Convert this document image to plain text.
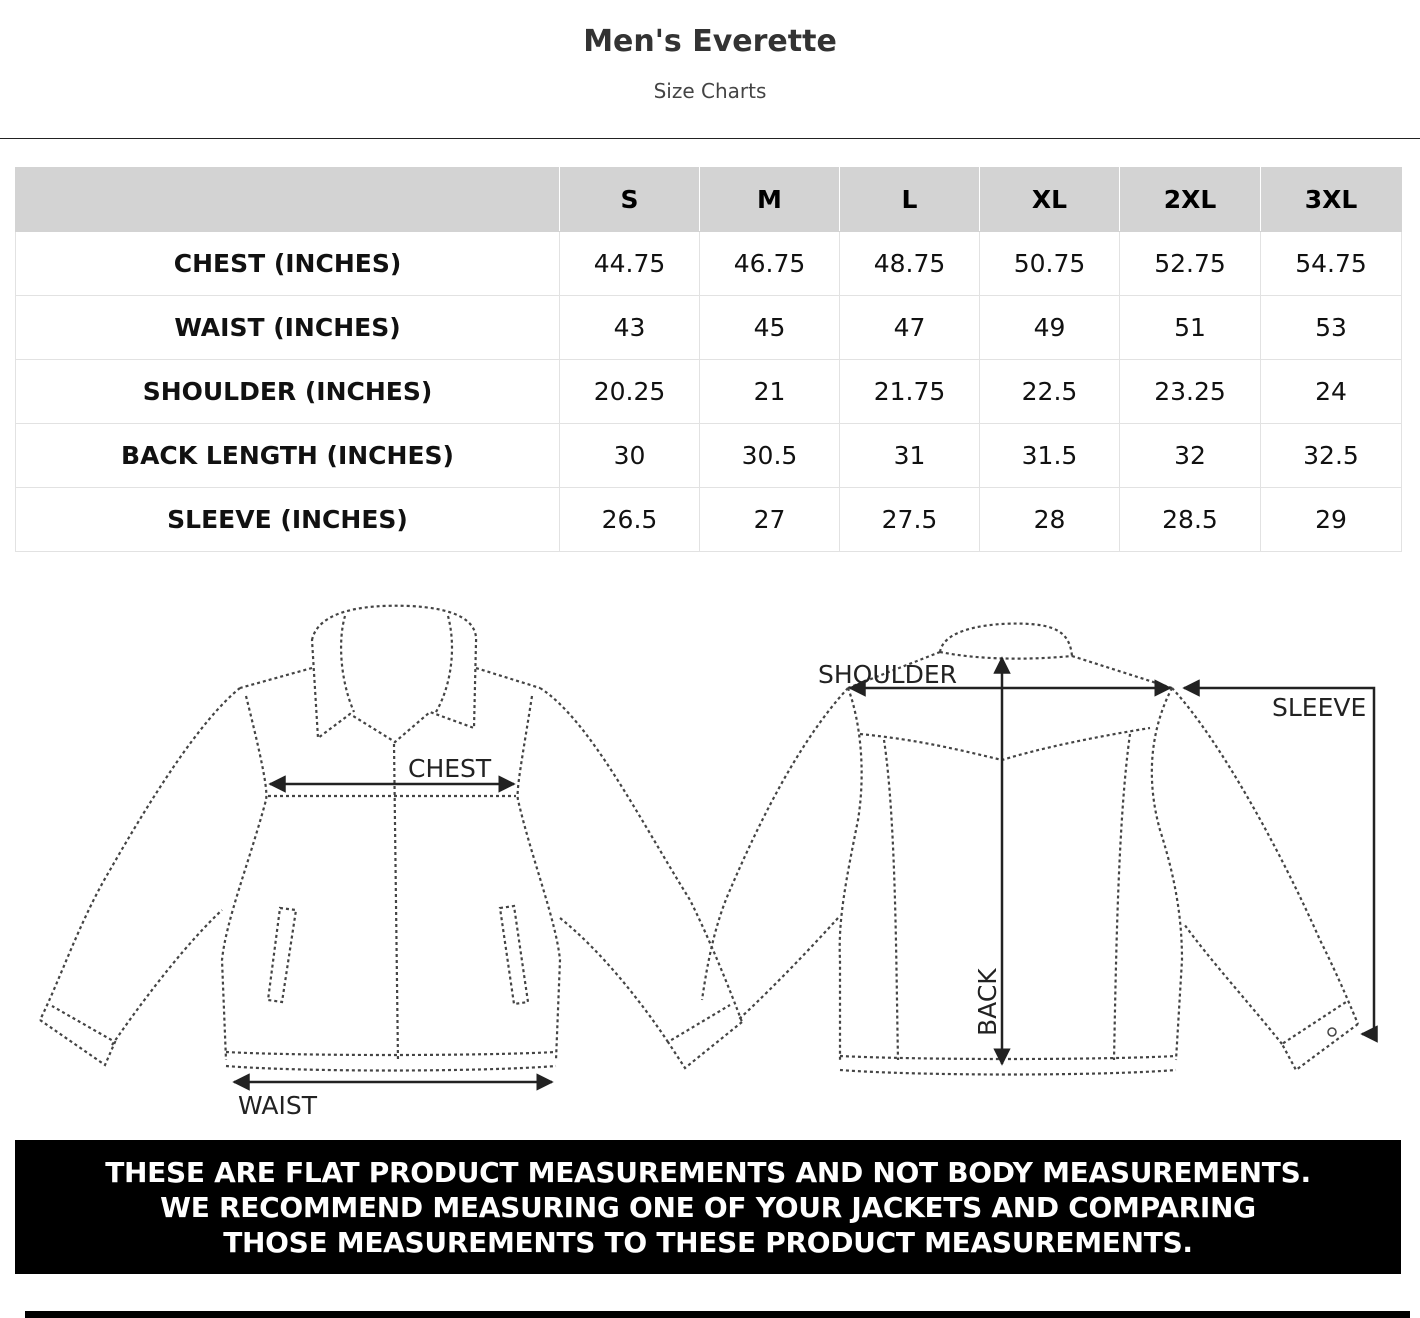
Men's Everette
Size Charts
	S	M	L	XL	2XL	3XL
CHEST (INCHES)	44.75	46.75	48.75	50.75	52.75	54.75
WAIST (INCHES)	43	45	47	49	51	53
SHOULDER (INCHES)	20.25	21	21.75	22.5	23.25	24
BACK LENGTH (INCHES)	30	30.5	31	31.5	32	32.5
SLEEVE (INCHES)	26.5	27	27.5	28	28.5	29
CHEST
WAIST
SHOULDER
SLEEVE
BACK

THESE ARE FLAT PRODUCT MEASUREMENTS AND NOT BODY MEASUREMENTS. WE RECOMMEND MEASURING ONE OF YOUR JACKETS AND COMPARING THOSE MEASUREMENTS TO THESE PRODUCT MEASUREMENTS.
